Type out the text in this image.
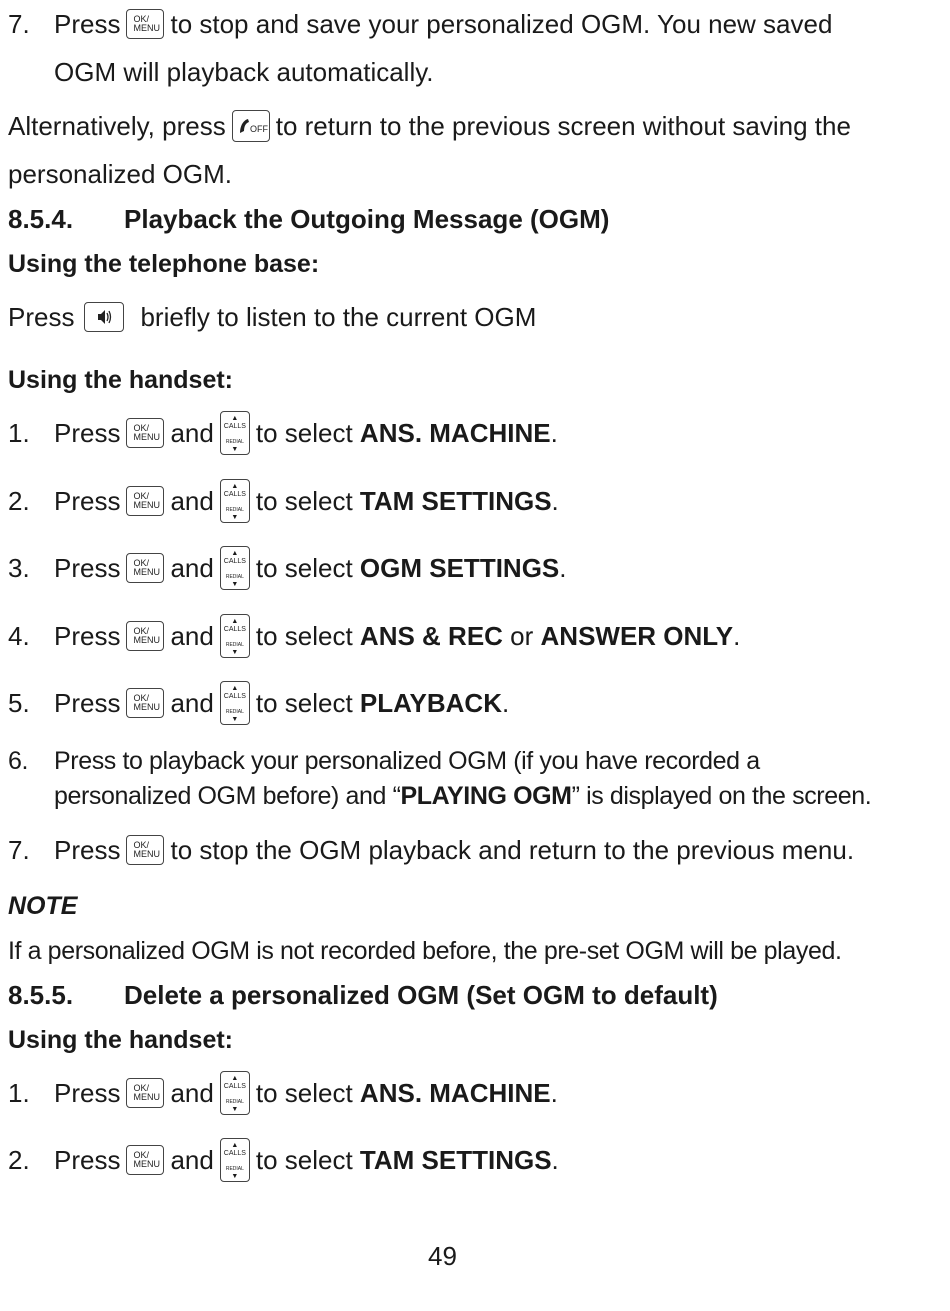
7. Press OK/
MENU to stop and save your personalized OGM. You new saved
OGM will playback automatically.
Alternatively, press	OFF to return to the previous screen without saving the
personalized OGM.
8.5.4. Playback the Outgoing Message (OGM)
Using the telephone base:
Press	briefly to listen to the current OGM
Using the handset:
1. Press OK/
MENU and	▲
CALLS
REDIAL
▼
to select
ANS. MACHINE .
2. Press OK/
MENU and	▲
CALLS
REDIAL
▼
to select
TAM SETTINGS .
3. Press OK/
MENU and	▲
CALLS
REDIAL
▼
to select
OGM SETTINGS .
4. Press OK/
MENU and	▲
CALLS
REDIAL
▼
to select
ANS & REC
or
ANSWER ONLY .
5. Press OK/
MENU and	▲
CALLS
REDIAL
▼
to select
PLAYBACK .
6.	Press to playback your personalized OGM (if you have recorded a
personalized OGM before) and “PLAYING OGM” is displayed on the screen.
7. Press OK/
MENU to stop the OGM playback and return to the previous menu.
NOTE
If a personalized OGM is not recorded before, the pre-set OGM will be played.
8.5.5. Delete a personalized OGM (Set OGM to default)
Using the handset:
1. Press OK/
MENU and	▲
CALLS
REDIAL
▼
to select
ANS. MACHINE .
2. Press OK/
MENU and	▲
CALLS
REDIAL
▼
to select
TAM SETTINGS .
49
